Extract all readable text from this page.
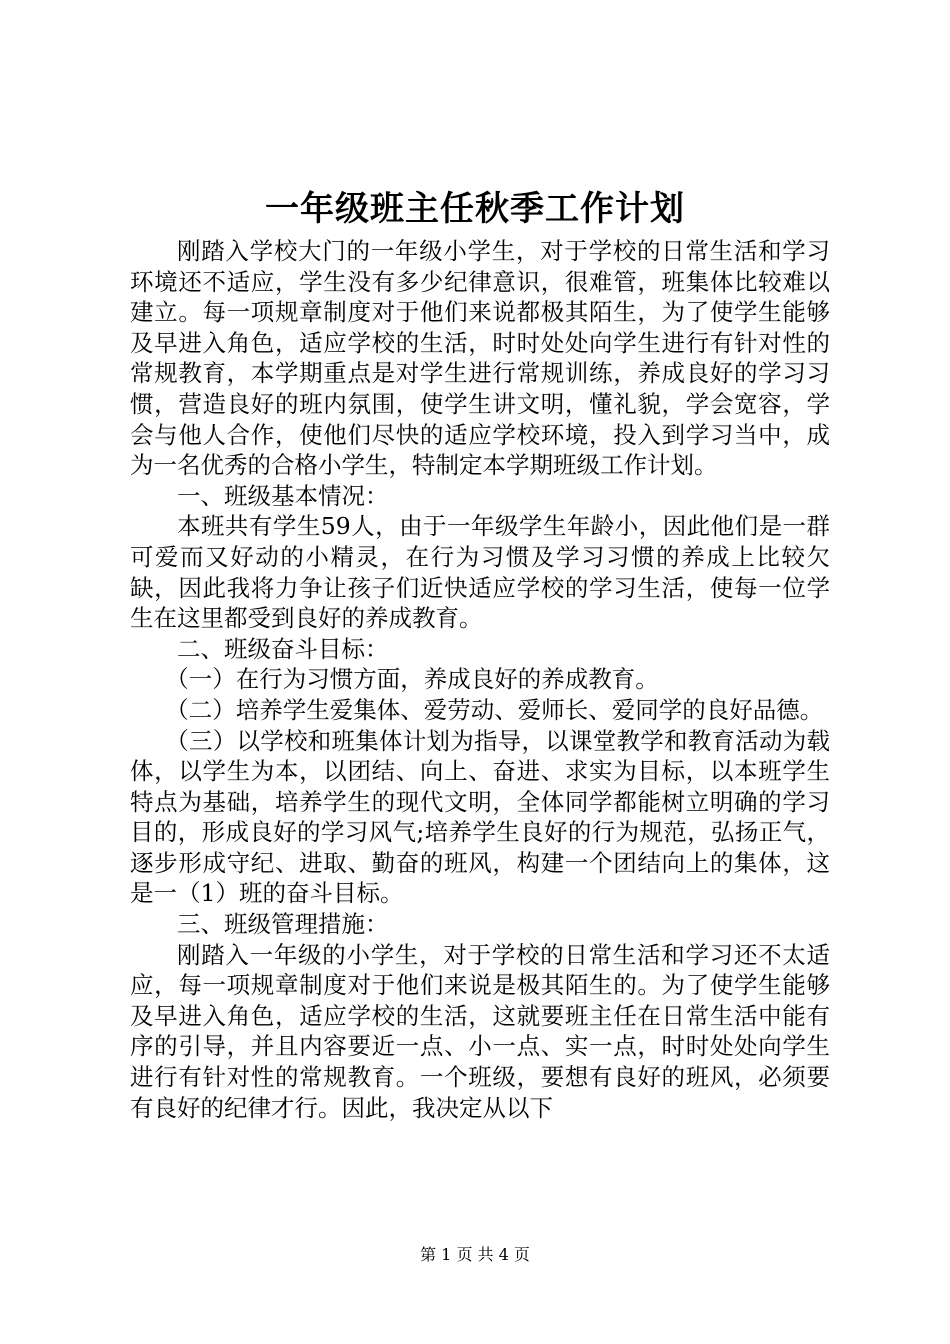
一年级班主任秋季工作计划

刚踏入学校大门的一年级小学生，对于学校的日常生活和学习环境还不适应，学生没有多少纪律意识，很难管，班集体比较难以建立。每一项规章制度对于他们来说都极其陌生，为了使学生能够及早进入角色，适应学校的生活，时时处处向学生进行有针对性的常规教育，本学期重点是对学生进行常规训练，养成良好的学习习惯，营造良好的班内氛围，使学生讲文明，懂礼貌，学会宽容，学会与他人合作，使他们尽快的适应学校环境，投入到学习当中，成为一名优秀的合格小学生，特制定本学期班级工作计划。

一、班级基本情况：

本班共有学生59人，由于一年级学生年龄小，因此他们是一群可爱而又好动的小精灵，在行为习惯及学习习惯的养成上比较欠缺，因此我将力争让孩子们近快适应学校的学习生活，使每一位学生在这里都受到良好的养成教育。

二、班级奋斗目标：

（一）在行为习惯方面，养成良好的养成教育。

（二）培养学生爱集体、爱劳动、爱师长、爱同学的良好品德。

（三）以学校和班集体计划为指导，以课堂教学和教育活动为载体，以学生为本，以团结、向上、奋进、求实为目标，以本班学生特点为基础，培养学生的现代文明，全体同学都能树立明确的学习目的，形成良好的学习风气;培养学生良好的行为规范，弘扬正气，逐步形成守纪、进取、勤奋的班风，构建一个团结向上的集体，这是一（1）班的奋斗目标。

三、班级管理措施：

刚踏入一年级的小学生，对于学校的日常生活和学习还不太适应，每一项规章制度对于他们来说是极其陌生的。为了使学生能够及早进入角色，适应学校的生活，这就要班主任在日常生活中能有序的引导，并且内容要近一点、小一点、实一点，时时处处向学生进行有针对性的常规教育。一个班级，要想有良好的班风，必须要有良好的纪律才行。因此，我决定从以下

第 1 页 共 4 页
